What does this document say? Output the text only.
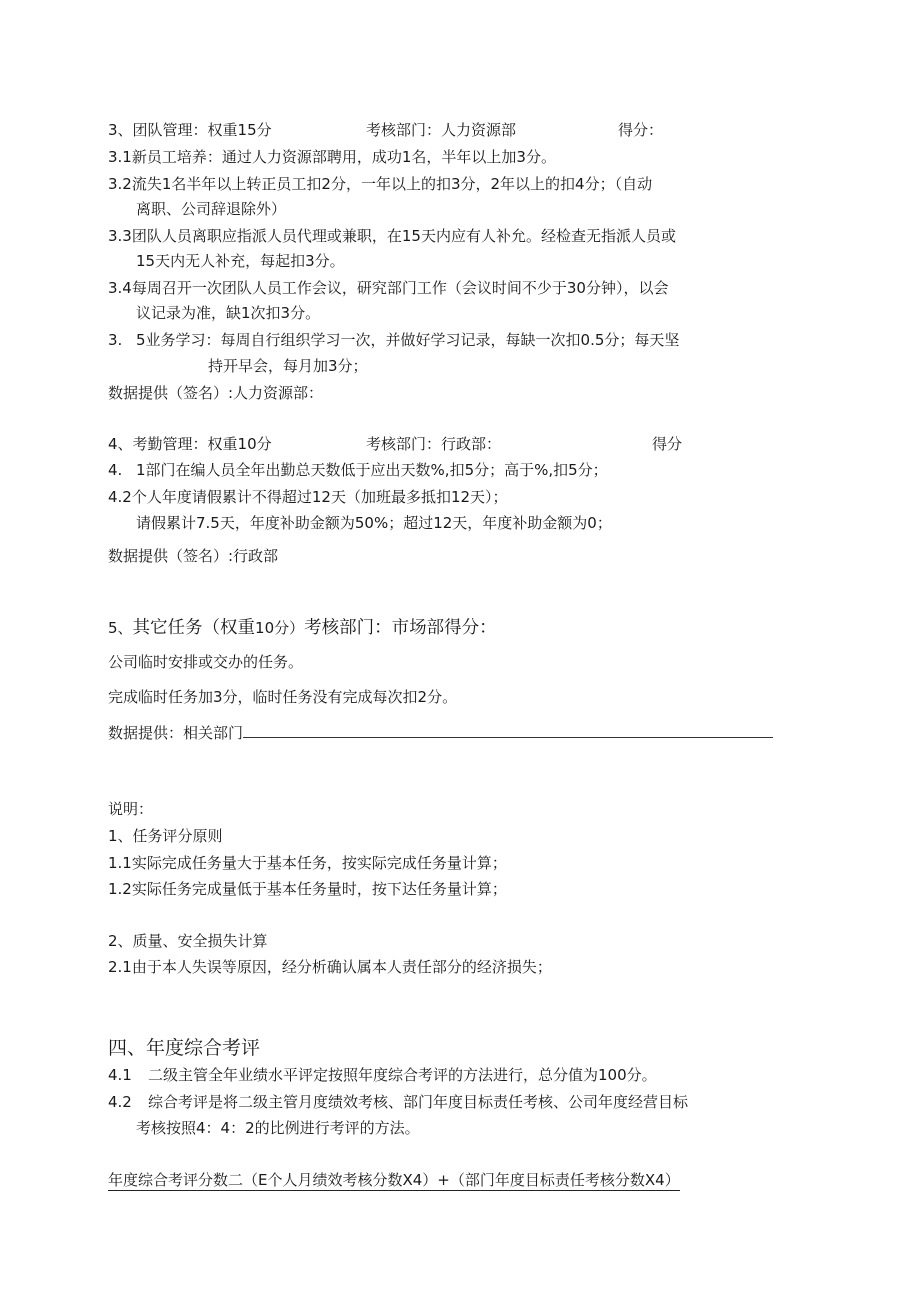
3、团队管理：权重15分	考核部门：人力资源部	得分：
3.1新员工培养：通过人力资源部聘用，成功1名，半年以上加3分。
3.2流失1名半年以上转正员工扣2分，一年以上的扣3分，2年以上的扣4分；（自动
离职、公司辞退除外）
3.3团队人员离职应指派人员代理或兼职，在15天内应有人补允。经检查无指派人员或
15天内无人补充，每起扣3分。
3.4每周召开一次团队人员工作会议，研究部门工作（会议时间不少于30分钟），以会
议记录为准，缺1次扣3分。
3. 5业务学习：每周自行组织学习一次，并做好学习记录，每缺一次扣0.5分；每天坚
持开早会，每月加3分；
数据提供（签名）:人力资源部：
4、考勤管理：权重10分	考核部门：行政部：	得分
4. 1部门在编人员全年出勤总天数低于应出天数%,扣5分；高于%,扣5分；
4.2个人年度请假累计不得超过12天（加班最多抵扣12天）；
请假累计7.5天，年度补助金额为50%；超过12天，年度补助金额为0；
数据提供（签名）:行政部
5、其它任务（权重10分）考核部门：市场部得分：
公司临时安排或交办的任务。
完成临时任务加3分，临时任务没有完成每次扣2分。
数据提供：相关部门
说明：
1、任务评分原则
1.1实际完成任务量大于基本任务，按实际完成任务量计算；
1.2实际任务完成量低于基本任务量时，按下达任务量计算；
2、质量、安全损失计算
2.1由于本人失误等原因，经分析确认属本人责任部分的经济损失；
四、年度综合考评
4.1 二级主管全年业绩水平评定按照年度综合考评的方法进行，总分值为100分。
4.2 综合考评是将二级主管月度绩效考核、部门年度目标责任考核、公司年度经营目标
考核按照4：4：2的比例进行考评的方法。
年度综合考评分数二（E个人月绩效考核分数X4）+（部门年度目标责任考核分数X4）
